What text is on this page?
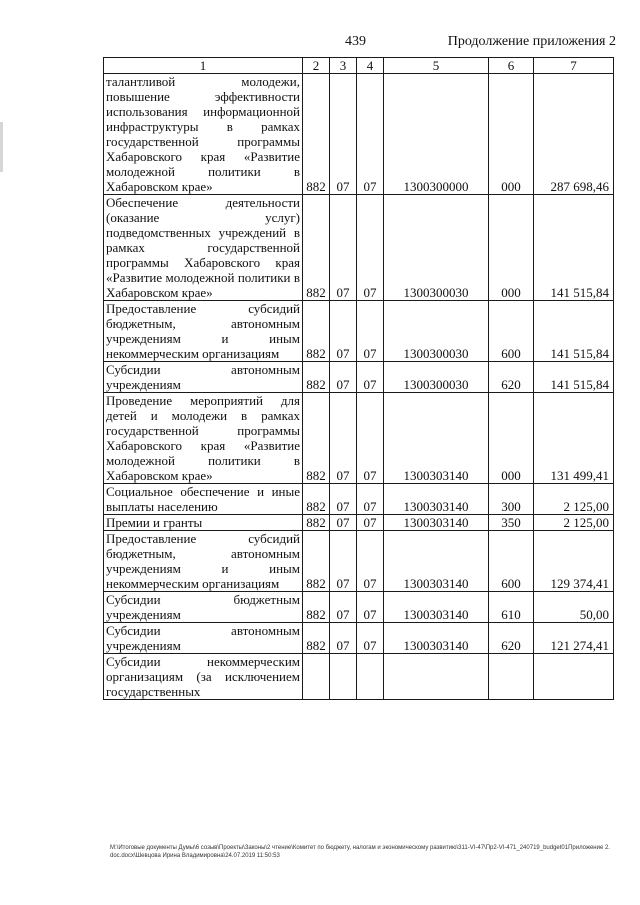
439	Продолжение приложения 2
1	2	3	4	5	6	7
талантливой молодежи, повышение эффективности использования информационной инфраструктуры в рамках государственной программы Хабаровского края «Развитие молодежной политики в Хабаровском крае»	882	07	07	1300300000	000	287 698,46
Обеспечение деятельности (оказание услуг) подведомственных учреждений в рамках государственной программы Хабаровского края «Развитие молодежной политики в Хабаровском крае»	882	07	07	1300300030	000	141 515,84
Предоставление субсидий бюджетным, автономным учреждениям и иным некоммерческим организациям	882	07	07	1300300030	600	141 515,84
Субсидии автономным учреждениям	882	07	07	1300300030	620	141 515,84
Проведение мероприятий для детей и молодежи в рамках государственной программы Хабаровского края «Развитие молодежной политики в Хабаровском крае»	882	07	07	1300303140	000	131 499,41
Социальное обеспечение и иные выплаты населению	882	07	07	1300303140	300	2 125,00
Премии и гранты	882	07	07	1300303140	350	2 125,00
Предоставление субсидий бюджетным, автономным учреждениям и иным некоммерческим организациям	882	07	07	1300303140	600	129 374,41
Субсидии бюджетным учреждениям	882	07	07	1300303140	610	50,00
Субсидии автономным учреждениям	882	07	07	1300303140	620	121 274,41
Субсидии некоммерческим организациям (за исключением государственных						
М:\Итоговые документы Думы\6 созыв\Проекты\Законы\2 чтение\Комитет по бюджету, налогам и экономическому развитию\311-VI-47\Пр2-VI-471_240719_budget01Приложение 2.doc.docx\Шевцова Ирина Владимировна\24.07.2019 11:50:53
